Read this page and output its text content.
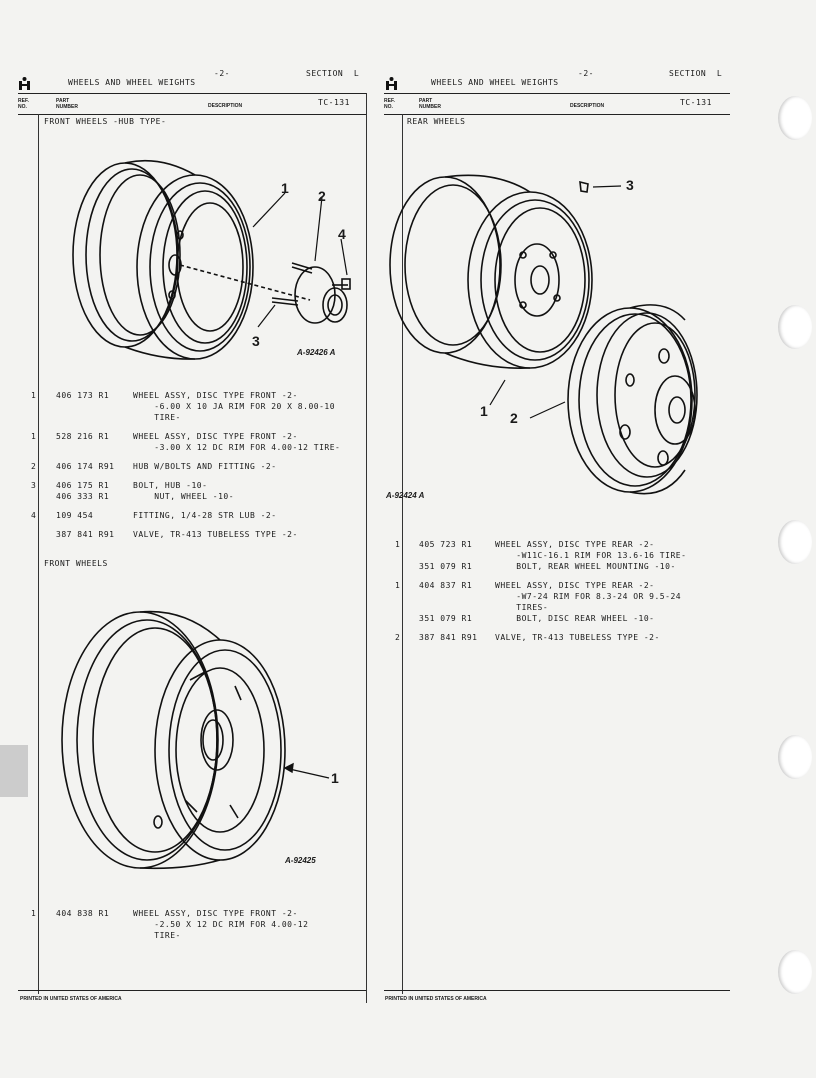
WHEELS AND WHEEL WEIGHTS
-2-	SECTION  L
REF.
NO.
PART
NUMBER	DESCRIPTION	TC-131
FRONT WHEELS -HUB TYPE-
1 2
4
3
A-92426 A
1 406 173 R1	WHEEL ASSY, DISC TYPE FRONT -2-
-6.00 X 10 JA RIM FOR 20 X 8.00-10
TIRE-
1 528 216 R1	WHEEL ASSY, DISC TYPE FRONT -2-
-3.00 X 12 DC RIM FOR 4.00-12 TIRE-
2 406 174 R91 HUB W/BOLTS AND FITTING -2-
3 406 175 R1	BOLT, HUB -10-
406 333 R1	NUT, WHEEL -10-
4 109 454	FITTING, 1/4-28 STR LUB -2-
387 841 R91 VALVE, TR-413 TUBELESS TYPE -2-
FRONT WHEELS
1
A-92425
1 404 838 R1	WHEEL ASSY, DISC TYPE FRONT -2-
-2.50 X 12 DC RIM FOR 4.00-12
TIRE-
PRINTED IN UNITED STATES OF AMERICA
WHEELS AND WHEEL WEIGHTS
-2-	SECTION  L
REF.
NO.
PART
NUMBER	DESCRIPTION	TC-131
REAR WHEELS
3
1 2
A-92424 A
1 405 723 R1	WHEEL ASSY, DISC TYPE REAR -2-
-W11C-16.1 RIM FOR 13.6-16 TIRE-
351 079 R1	BOLT, REAR WHEEL MOUNTING -10-
1 404 837 R1	WHEEL ASSY, DISC TYPE REAR -2-
-W7-24 RIM FOR 8.3-24 OR 9.5-24
TIRES-
351 079 R1	BOLT, DISC REAR WHEEL -10-
2 387 841 R91 VALVE, TR-413 TUBELESS TYPE -2-
PRINTED IN UNITED STATES OF AMERICA
